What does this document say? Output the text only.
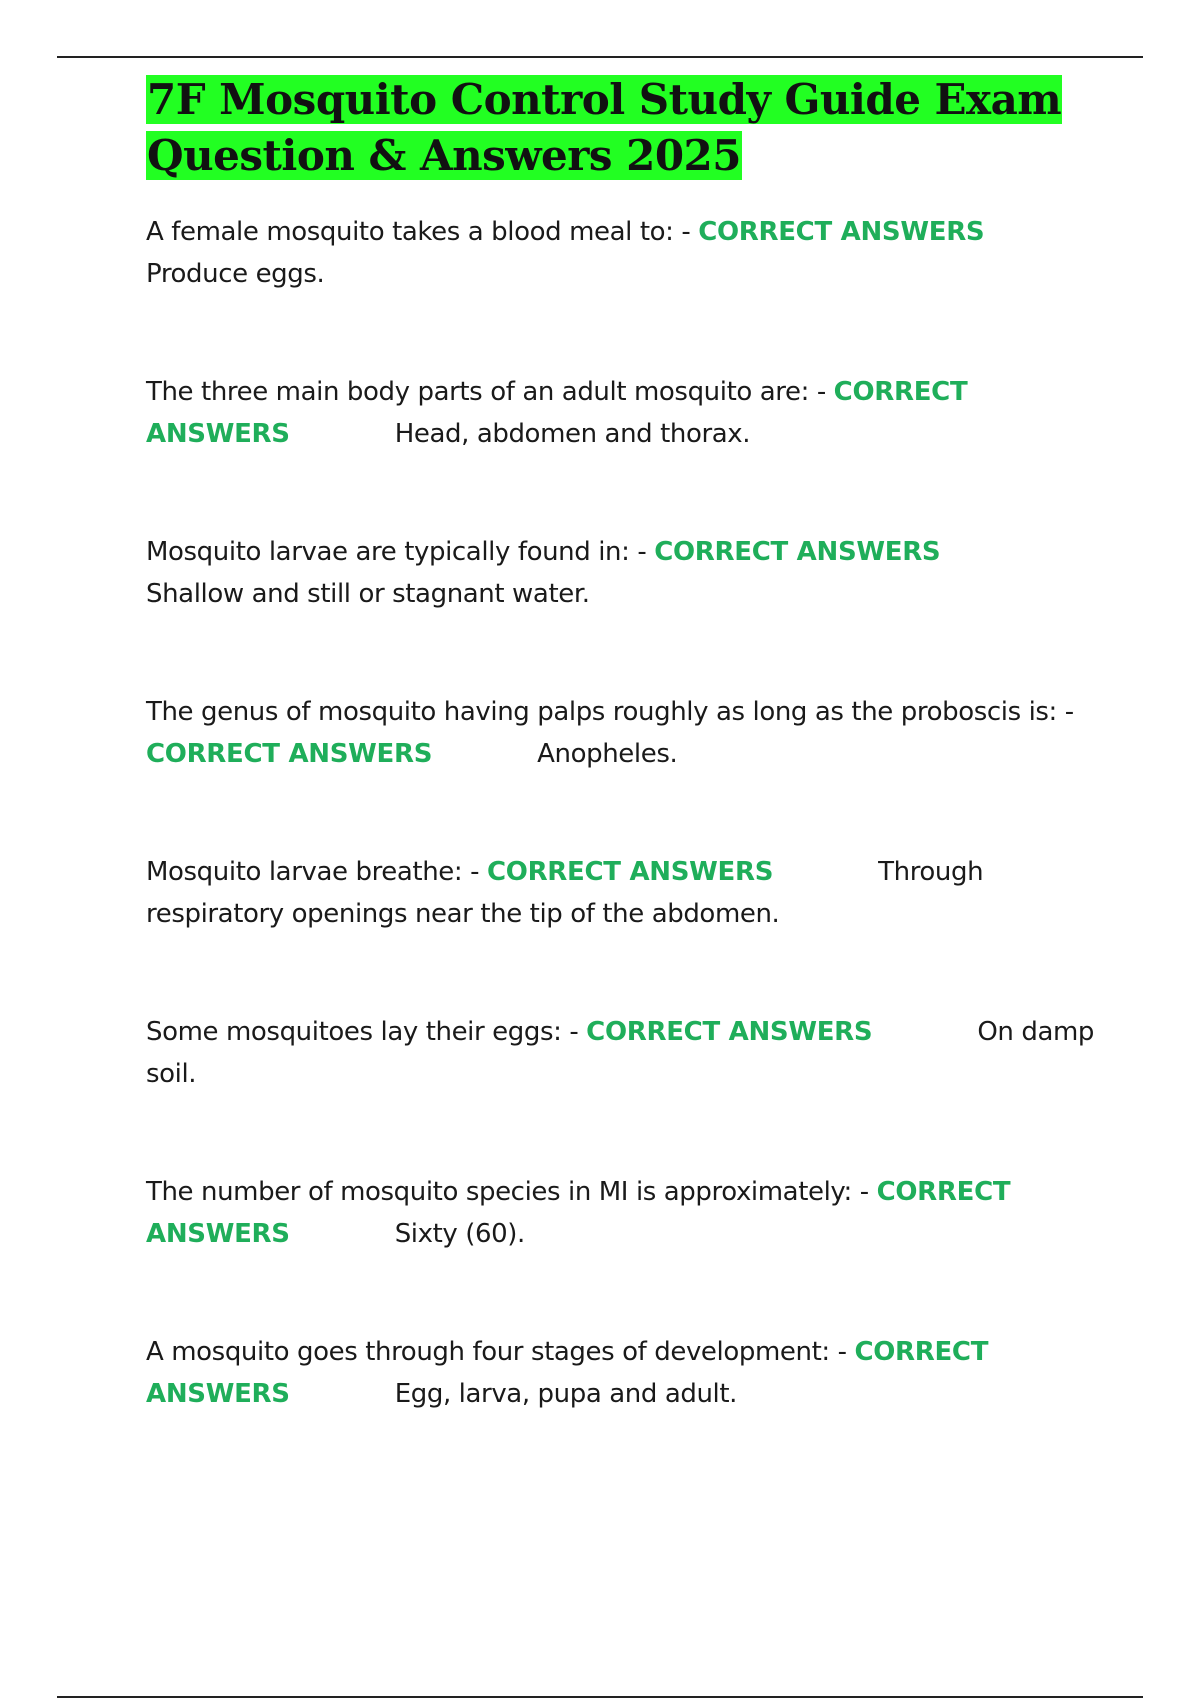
7F Mosquito Control Study Guide Exam
Question & Answers 2025
A female mosquito takes a blood meal to: - CORRECT ANSWERSProduce eggs.
The three main body parts of an adult mosquito are: - CORRECT ANSWERS	Head, abdomen and thorax.
Mosquito larvae are typically found in: - CORRECT ANSWERSShallow and still or stagnant water.
The genus of mosquito having palps roughly as long as the proboscis is: - CORRECT ANSWERS	Anopheles.
Mosquito larvae breathe: - CORRECT ANSWERS	Through respiratory openings near the tip of the abdomen.
Some mosquitoes lay their eggs: - CORRECT ANSWERS	On damp soil.
The number of mosquito species in MI is approximately: - CORRECT ANSWERS	Sixty (60).
A mosquito goes through four stages of development: - CORRECT ANSWERS	Egg, larva, pupa and adult.
